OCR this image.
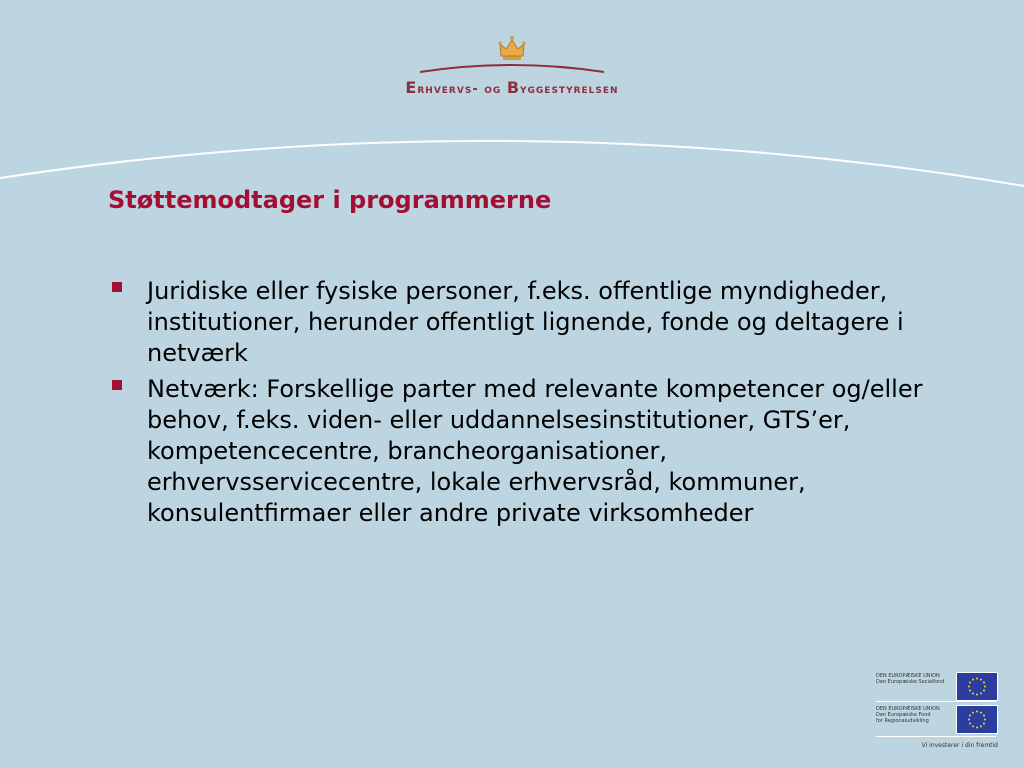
Erhvervs- og Byggestyrelsen
Støttemodtager i programmerne
Juridiske eller fysiske personer, f.eks. offentlige myndigheder, institutioner, herunder offentligt lignende, fonde og deltagere i netværk
Netværk: Forskellige parter med relevante kompetencer og/eller behov, f.eks. viden- eller uddannelsesinstitutioner, GTS’er, kompetencecentre, brancheorganisationer, erhvervsservicecentre, lokale erhvervsråd, kommuner, konsulentfirmaer eller andre private virksomheder
DEN EUROPÆISKE UNION
Den Europæiske Socialfond
DEN EUROPÆISKE UNION
Den Europæiske Fond
for Regionaludvikling
Vi investerer i din fremtid
